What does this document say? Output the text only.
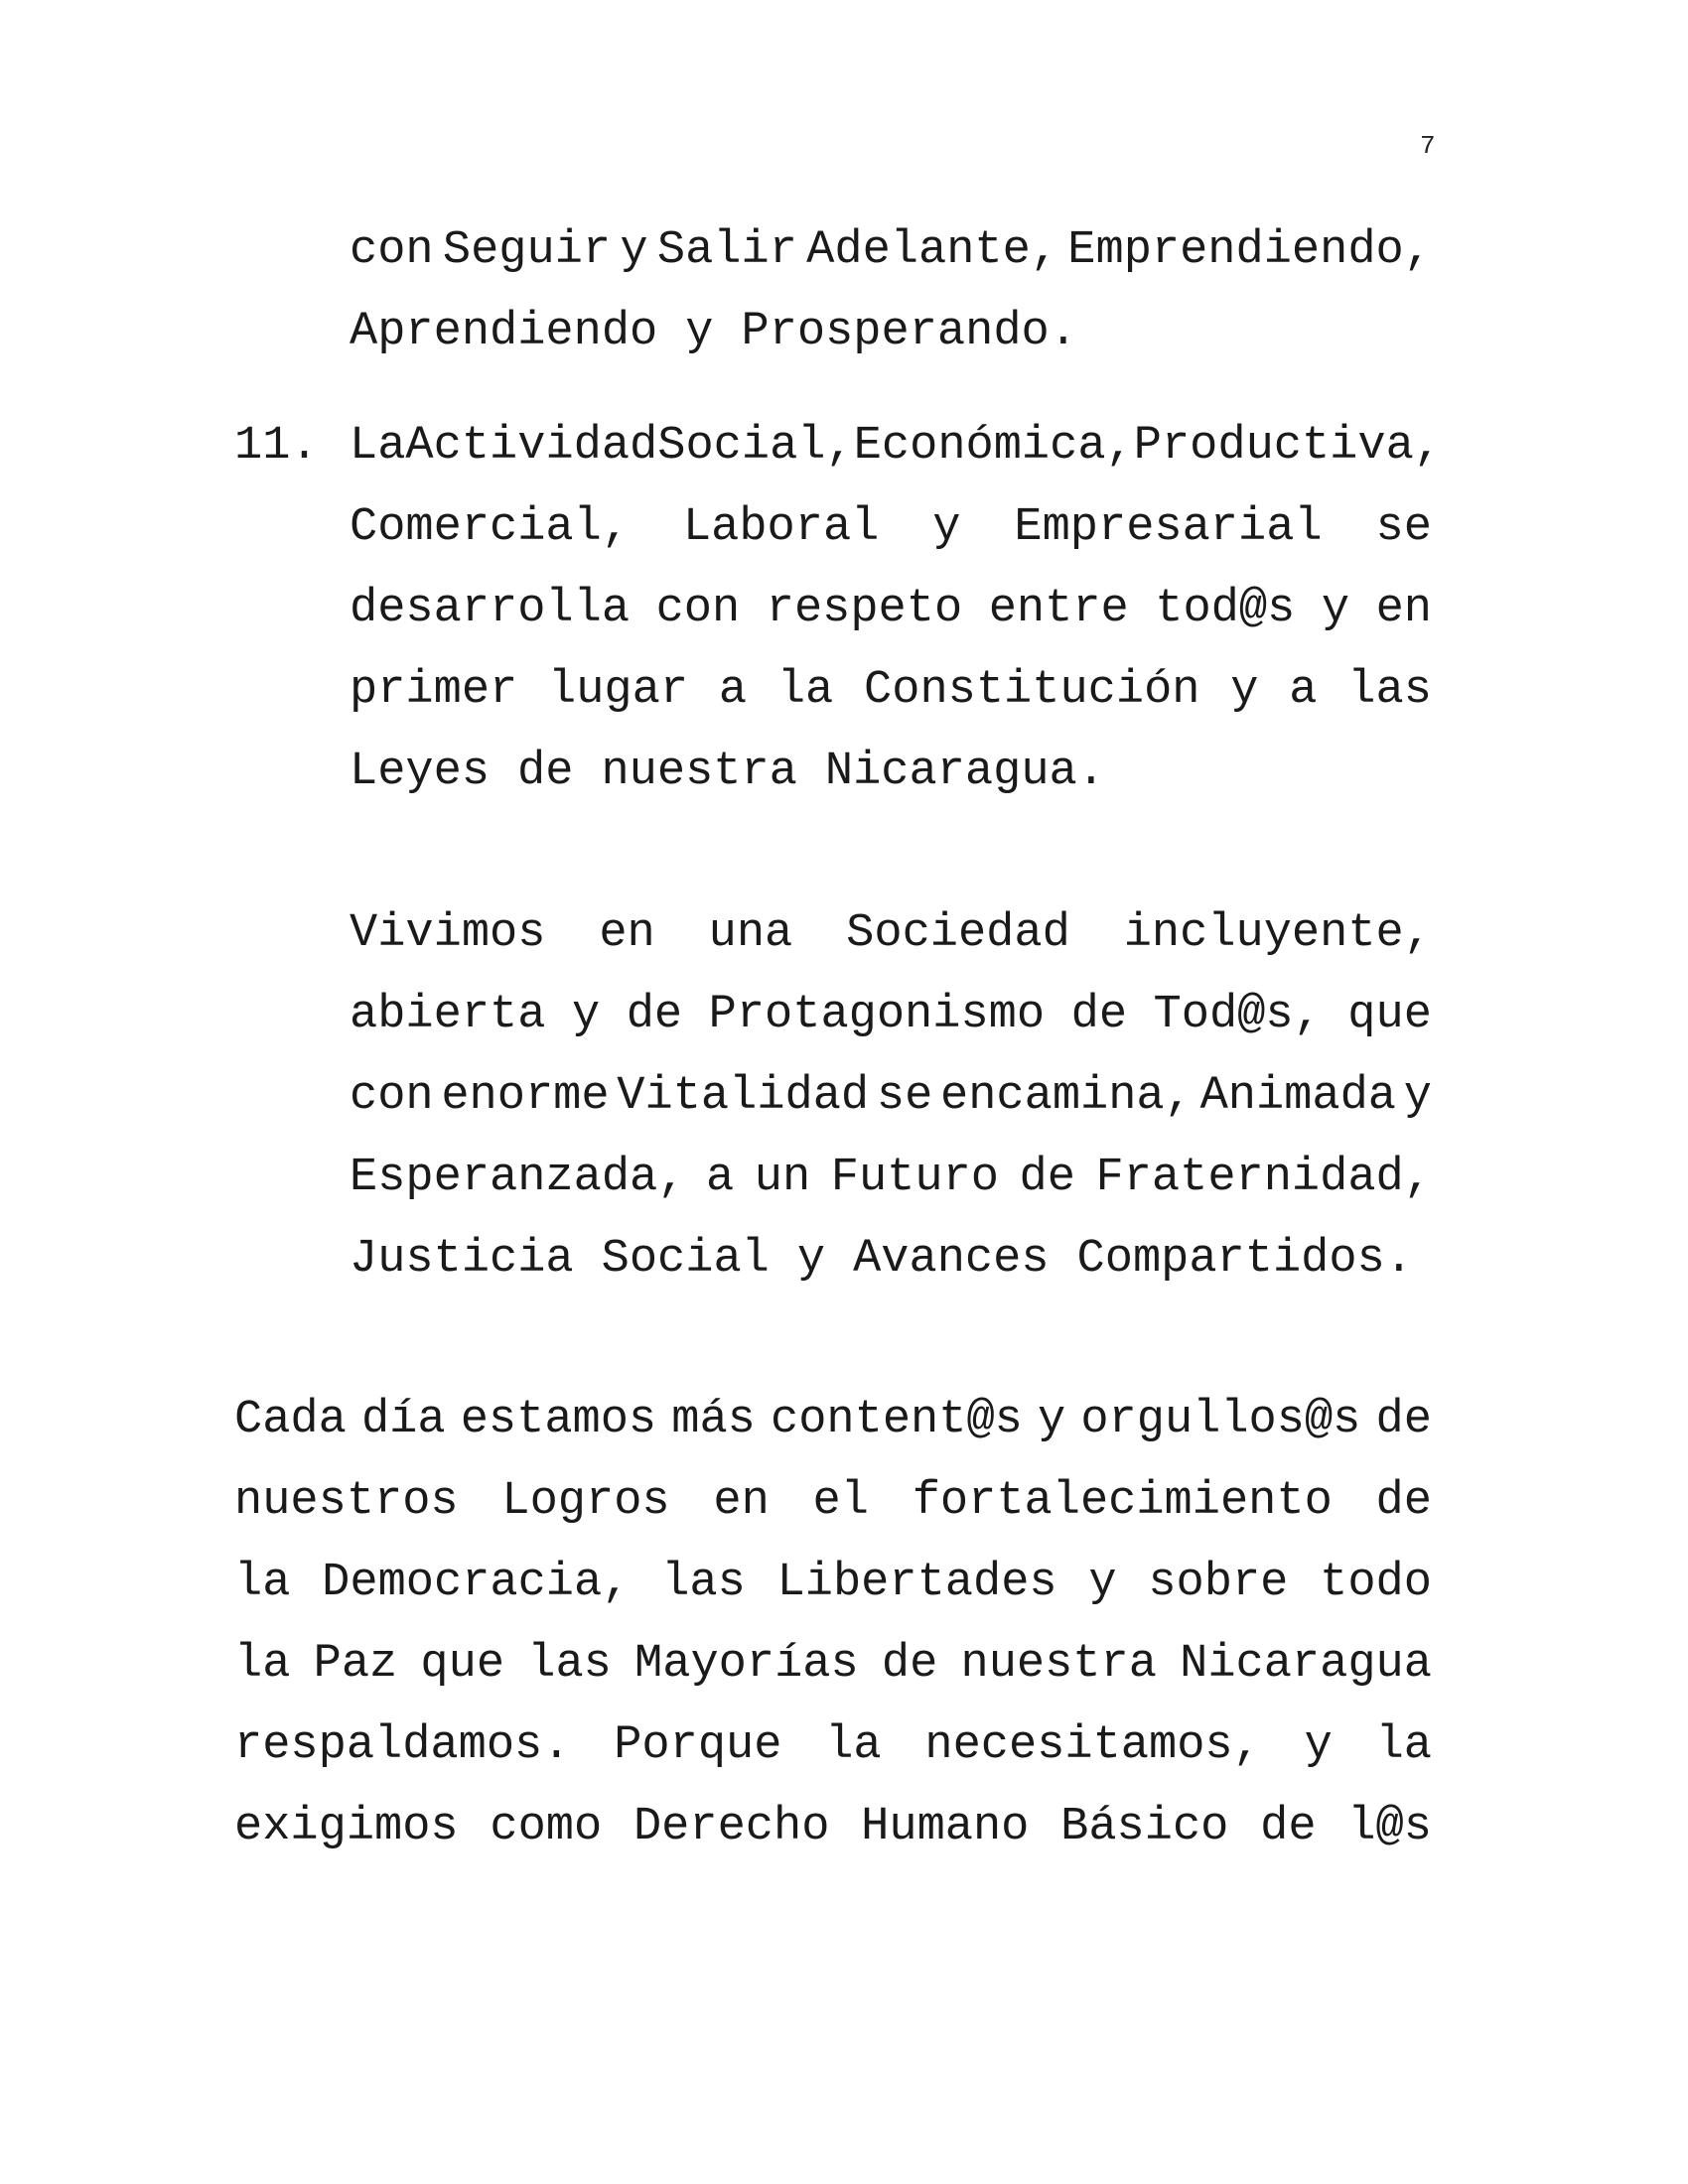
7
con Seguir y Salir Adelante, Emprendiendo,
Aprendiendo y Prosperando.
11. La Actividad Social, Económica, Productiva,
Comercial, Laboral y Empresarial se
desarrolla con respeto entre tod@s y en
primer lugar a la Constitución y a las
Leyes de nuestra Nicaragua.
Vivimos en una Sociedad incluyente,
abierta y de Protagonismo de Tod@s, que
con enorme Vitalidad se encamina, Animada y
Esperanzada, a un Futuro de Fraternidad,
Justicia Social y Avances Compartidos.
Cada día estamos más content@s y orgullos@s de
nuestros Logros en el fortalecimiento de
la Democracia, las Libertades y sobre todo
la Paz que las Mayorías de nuestra Nicaragua
respaldamos. Porque la necesitamos, y la
exigimos como Derecho Humano Básico de l@s
